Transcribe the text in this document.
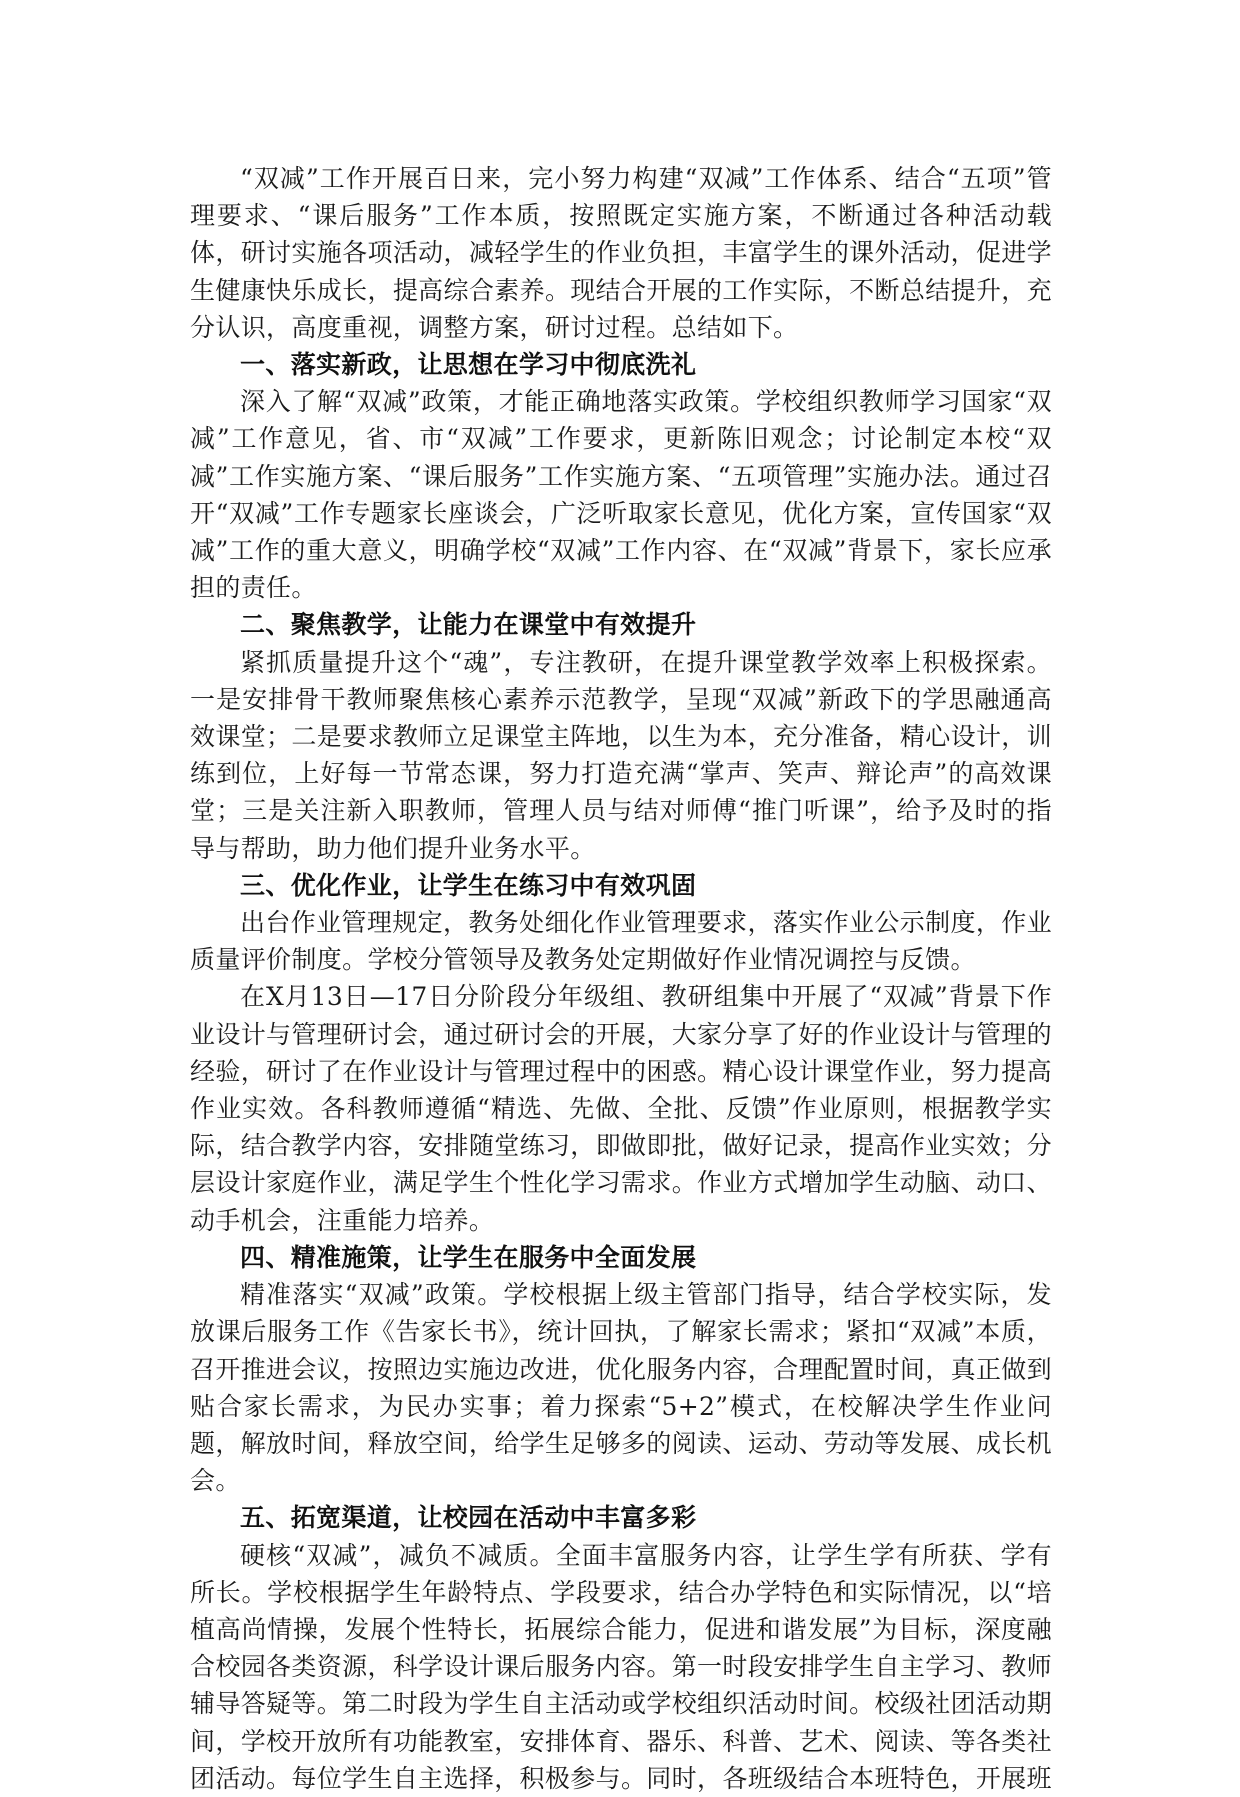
“双减”工作开展百日来，完小努力构建“双减”工作体系、结合“五项”管理要求、“课后服务”工作本质，按照既定实施方案，不断通过各种活动载体，研讨实施各项活动，减轻学生的作业负担，丰富学生的课外活动，促进学生健康快乐成长，提高综合素养。现结合开展的工作实际，不断总结提升，充分认识，高度重视，调整方案，研讨过程。总结如下。

一、落实新政，让思想在学习中彻底洗礼

深入了解“双减”政策，才能正确地落实政策。学校组织教师学习国家“双减”工作意见，省、市“双减”工作要求，更新陈旧观念；讨论制定本校“双减”工作实施方案、“课后服务”工作实施方案、“五项管理”实施办法。通过召开“双减”工作专题家长座谈会，广泛听取家长意见，优化方案，宣传国家“双减”工作的重大意义，明确学校“双减”工作内容、在“双减”背景下，家长应承担的责任。

二、聚焦教学，让能力在课堂中有效提升

紧抓质量提升这个“魂”，专注教研，在提升课堂教学效率上积极探索。一是安排骨干教师聚焦核心素养示范教学，呈现“双减”新政下的学思融通高效课堂；二是要求教师立足课堂主阵地，以生为本，充分准备，精心设计，训练到位，上好每一节常态课，努力打造充满“掌声、笑声、辩论声”的高效课堂；三是关注新入职教师，管理人员与结对师傅“推门听课”，给予及时的指导与帮助，助力他们提升业务水平。

三、优化作业，让学生在练习中有效巩固

出台作业管理规定，教务处细化作业管理要求，落实作业公示制度，作业质量评价制度。学校分管领导及教务处定期做好作业情况调控与反馈。

在X月13日—17日分阶段分年级组、教研组集中开展了“双减”背景下作业设计与管理研讨会，通过研讨会的开展，大家分享了好的作业设计与管理的经验，研讨了在作业设计与管理过程中的困惑。精心设计课堂作业，努力提高作业实效。各科教师遵循“精选、先做、全批、反馈”作业原则，根据教学实际，结合教学内容，安排随堂练习，即做即批，做好记录，提高作业实效；分层设计家庭作业，满足学生个性化学习需求。作业方式增加学生动脑、动口、动手机会，注重能力培养。

四、精准施策，让学生在服务中全面发展

精准落实“双减”政策。学校根据上级主管部门指导，结合学校实际，发放课后服务工作《告家长书》，统计回执，了解家长需求；紧扣“双减”本质，召开推进会议，按照边实施边改进，优化服务内容，合理配置时间，真正做到贴合家长需求，为民办实事；着力探索“5+2”模式，在校解决学生作业问题，解放时间，释放空间，给学生足够多的阅读、运动、劳动等发展、成长机会。

五、拓宽渠道，让校园在活动中丰富多彩

硬核“双减”，减负不减质。全面丰富服务内容，让学生学有所获、学有所长。学校根据学生年龄特点、学段要求，结合办学特色和实际情况，以“培植高尚情操，发展个性特长，拓展综合能力，促进和谐发展”为目标，深度融合校园各类资源，科学设计课后服务内容。第一时段安排学生自主学习、教师辅导答疑等。第二时段为学生自主活动或学校组织活动时间。校级社团活动期间，学校开放所有功能教室，安排体育、器乐、科普、艺术、阅读、等各类社团活动。每位学生自主选择，积极参与。同时，各班级结合本班特色，开展班
